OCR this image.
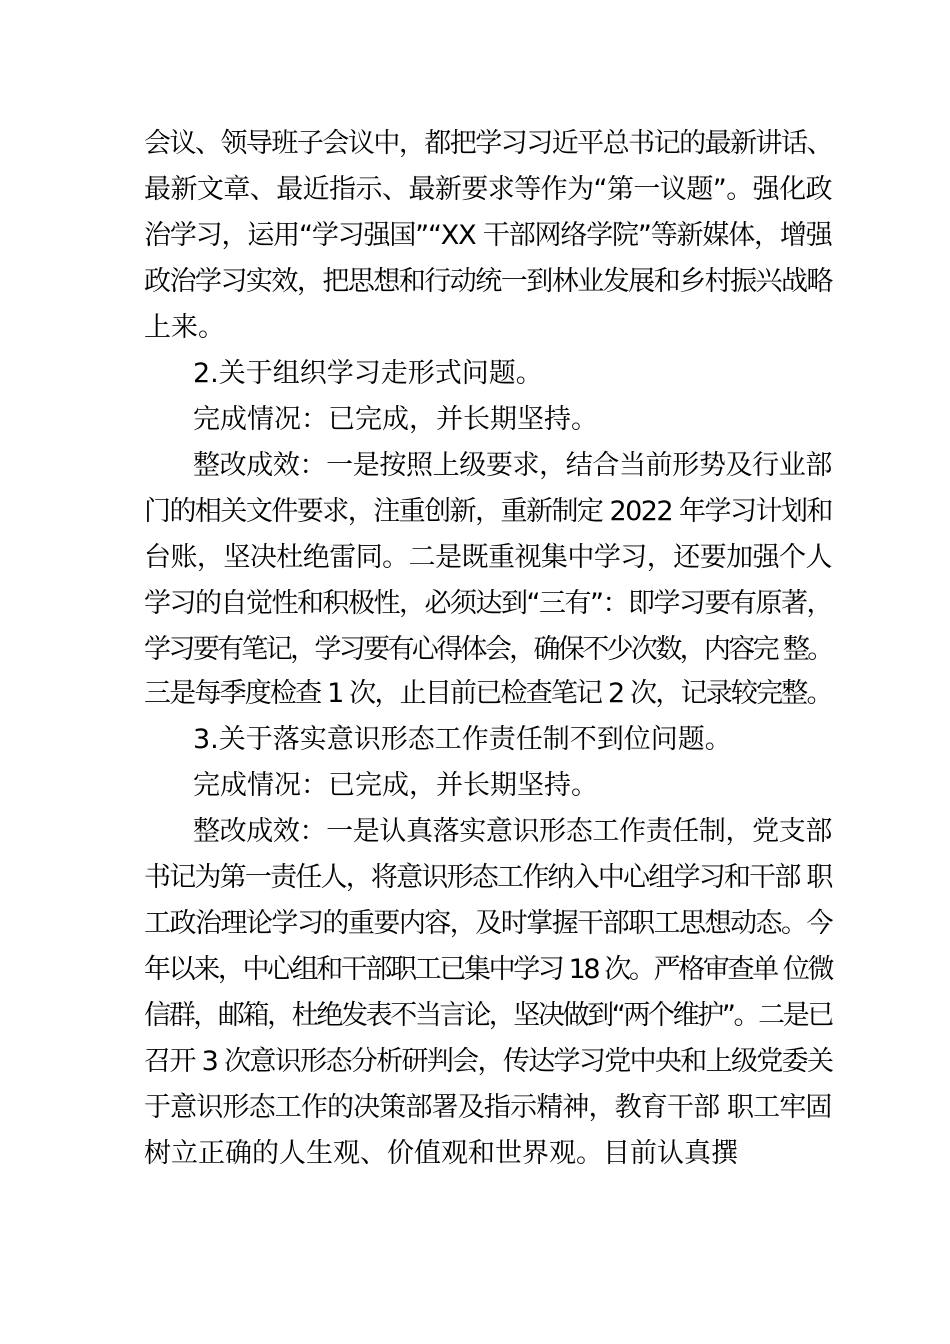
会议、领导班子会议中，都把学习习近平总书记的最新讲话、
最新文章、最近指示、最新要求等作为“第一议题”。强化政
治学习，运用“学习强国”“XX 干部网络学院”等新媒体，增强
政治学习实效，把思想和行动统一到林业发展和乡村振兴战略
上来。
2.关于组织学习走形式问题。
完成情况：已完成，并长期坚持。
整改成效：一是按照上级要求，结合当前形势及行业部
门的相关文件要求，注重创新，重新制定 2022 年学习计划和
台账，坚决杜绝雷同。二是既重视集中学习，还要加强个人
学习的自觉性和积极性，必须达到“三有”：即学习要有原著，
学习要有笔记，学习要有心得体会，确保不少次数，内容完 整。
三是每季度检查 1 次，止目前已检查笔记 2 次，记录较完整。
3.关于落实意识形态工作责任制不到位问题。
完成情况：已完成，并长期坚持。
整改成效：一是认真落实意识形态工作责任制，党支部
书记为第一责任人，将意识形态工作纳入中心组学习和干部 职
工政治理论学习的重要内容，及时掌握干部职工思想动态。今
年以来，中心组和干部职工已集中学习 18 次。严格审查单 位微
信群，邮箱，杜绝发表不当言论，坚决做到“两个维护”。二是已
召开 3 次意识形态分析研判会，传达学习党中央和上级党委关
于意识形态工作的决策部署及指示精神，教育干部 职工牢固
树立正确的人生观、价值观和世界观。目前认真撰
